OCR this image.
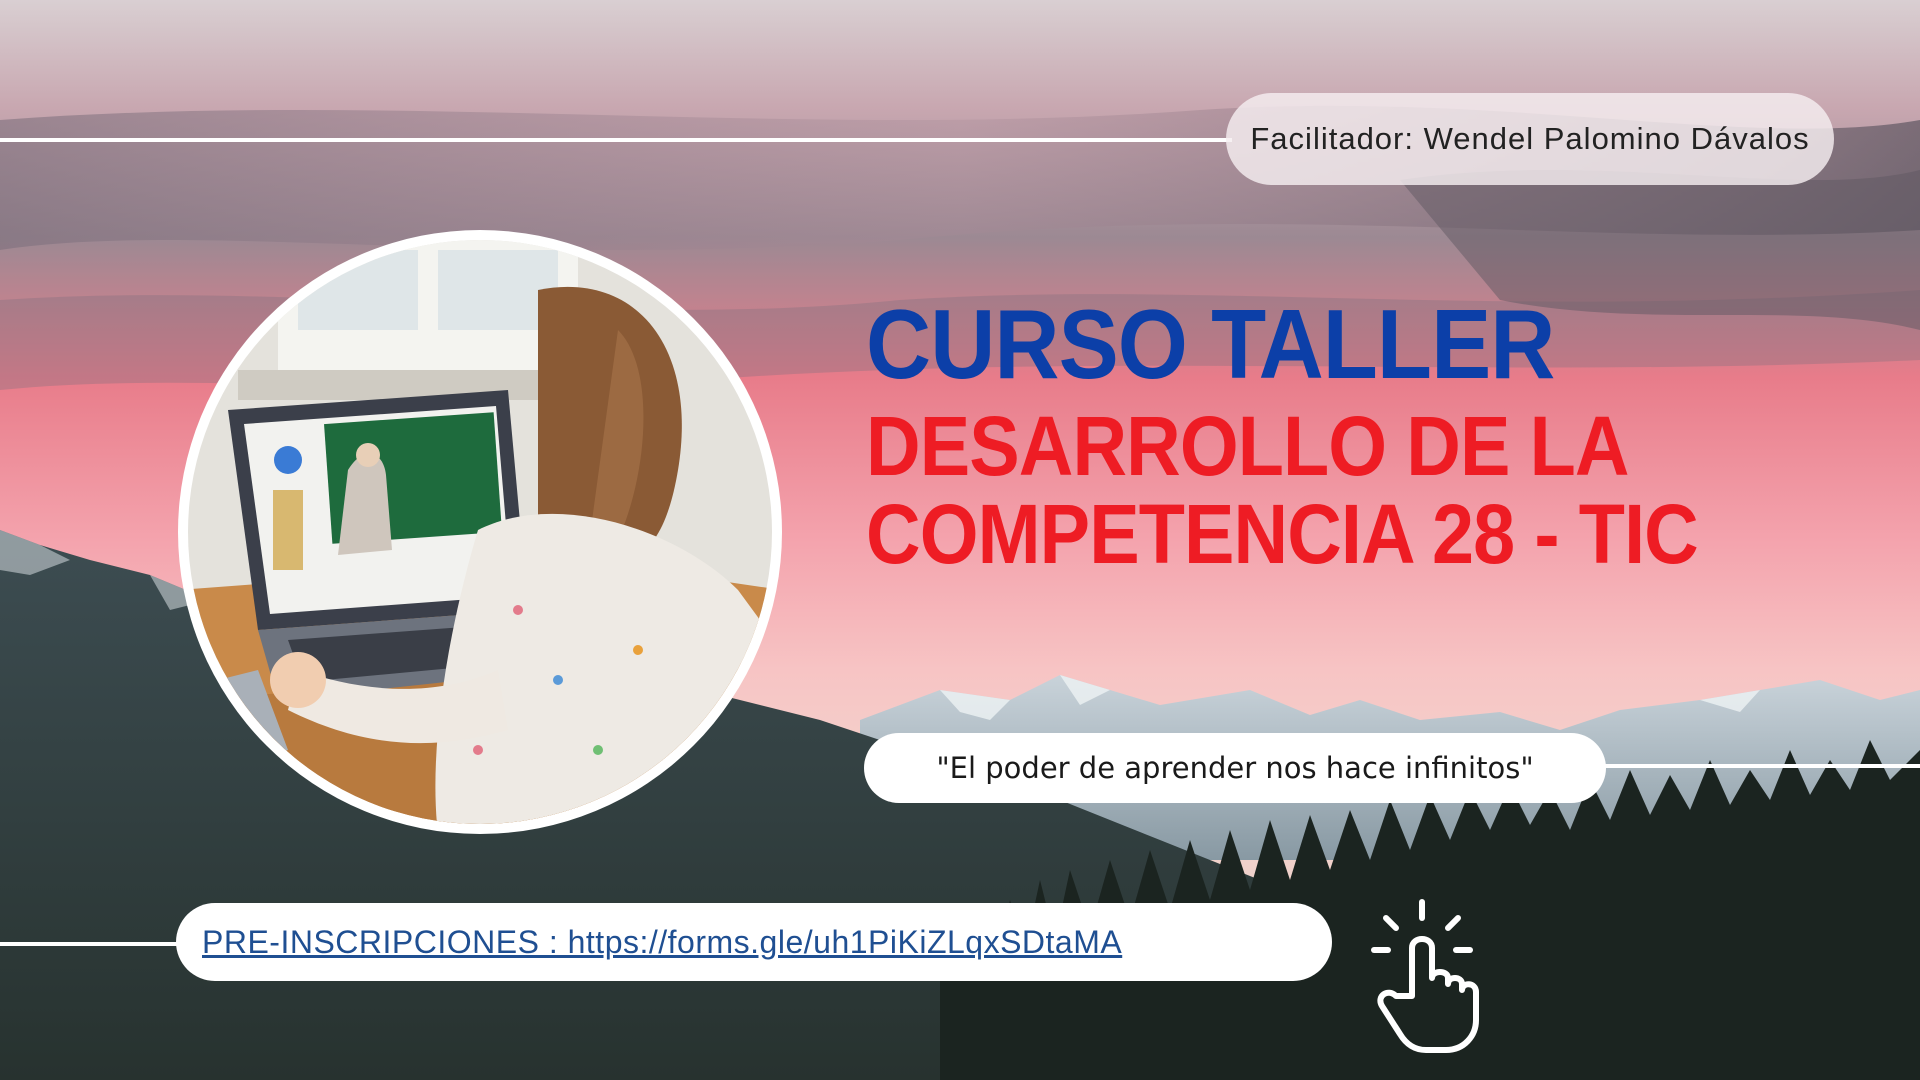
Facilitador: Wendel Palomino Dávalos
CURSO TALLER
DESARROLLO DE LA
COMPETENCIA 28 - TIC
"El poder de aprender nos hace infinitos"
PRE-INSCRIPCIONES : https://forms.gle/uh1PiKiZLqxSDtaMA
